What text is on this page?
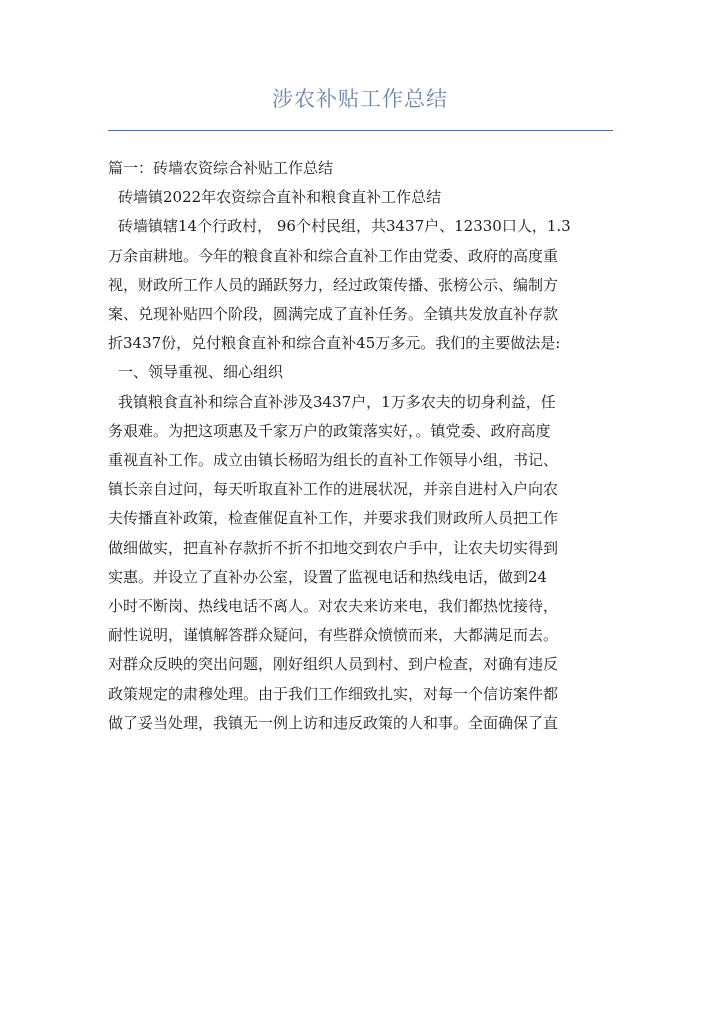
涉农补贴工作总结

篇一：砖墙农资综合补贴工作总结

砖墙镇2022年农资综合直补和粮食直补工作总结

砖墙镇辖14个行政村， 96个村民组，共3437户、12330口人，1.3

万余亩耕地。今年的粮食直补和综合直补工作由党委、政府的高度重

视，财政所工作人员的踊跃努力，经过政策传播、张榜公示、编制方

案、兑现补贴四个阶段，圆满完成了直补任务。全镇共发放直补存款

折3437份，兑付粮食直补和综合直补45万多元。我们的主要做法是:

一、领导重视、细心组织

我镇粮食直补和综合直补涉及3437户，1万多农夫的切身利益，任

务艰难。为把这项惠及千家万户的政策落实好，。镇党委、政府高度

重视直补工作。成立由镇长杨昭为组长的直补工作领导小组，书记、

镇长亲自过问，每天听取直补工作的进展状况，并亲自进村入户向农

夫传播直补政策，检查催促直补工作，并要求我们财政所人员把工作

做细做实，把直补存款折不折不扣地交到农户手中，让农夫切实得到

实惠。并设立了直补办公室，设置了监视电话和热线电话，做到24

小时不断岗、热线电话不离人。对农夫来访来电，我们都热忱接待，

耐性说明，谨慎解答群众疑问，有些群众愤愤而来，大都满足而去。

对群众反映的突出问题，刚好组织人员到村、到户检查，对确有违反

政策规定的肃穆处理。由于我们工作细致扎实，对每一个信访案件都

做了妥当处理，我镇无一例上访和违反政策的人和事。全面确保了直
